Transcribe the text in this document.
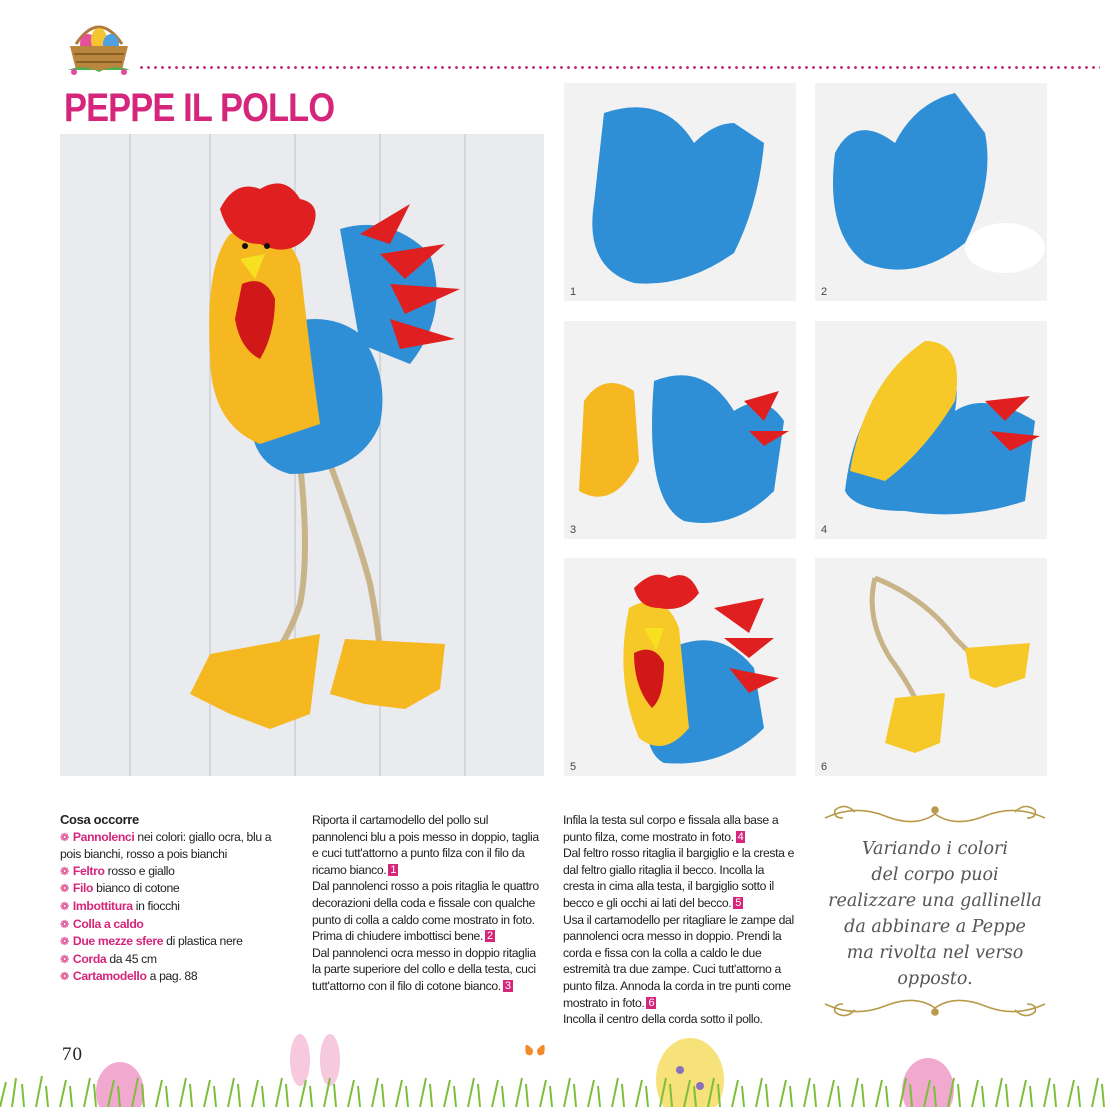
PEPPE IL POLLO
1	2
3	4
5	6
Cosa occorre
❁ Pannolenci nei colori: giallo ocra, blu a pois bianchi, rosso a pois bianchi
❁ Feltro rosso e giallo
❁ Filo bianco di cotone
❁ Imbottitura in fiocchi
❁ Colla a caldo
❁ Due mezze sfere di plastica nere
❁ Corda da 45 cm
❁ Cartamodello a pag. 88
Riporta il cartamodello del pollo sul pannolenci blu a pois messo in doppio, taglia e cuci tutt'attorno a punto filza con il filo da ricamo bianco. 1
Dal pannolenci rosso a pois ritaglia le quattro decorazioni della coda e fissale con qualche punto di colla a caldo come mostrato in foto. Prima di chiudere imbottisci bene. 2
Dal pannolenci ocra messo in doppio ritaglia la parte superiore del collo e della testa, cuci tutt'attorno con il filo di cotone bianco. 3
Infila la testa sul corpo e fissala alla base a punto filza, come mostrato in foto. 4
Dal feltro rosso ritaglia il bargiglio e la cresta e dal feltro giallo ritaglia il becco. Incolla la cresta in cima alla testa, il bargiglio sotto il becco e gli occhi ai lati del becco. 5
Usa il cartamodello per ritagliare le zampe dal pannolenci ocra messo in doppio. Prendi la corda e fissa con la colla a caldo le due estremità tra due zampe. Cuci tutt'attorno a punto filza. Annoda la corda in tre punti come mostrato in foto. 6
Incolla il centro della corda sotto il pollo.
Variando i colori
del corpo puoi
realizzare una gallinella
da abbinare a Peppe
ma rivolta nel verso
opposto.
70
